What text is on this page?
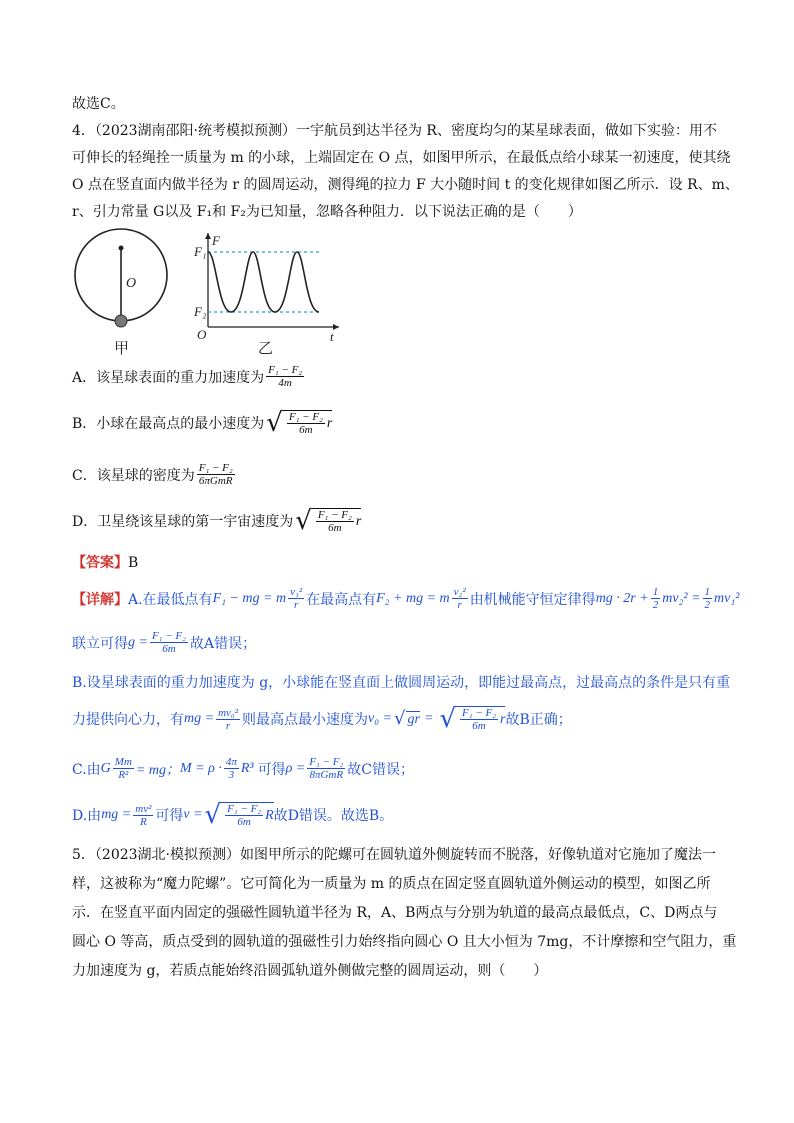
故选C。
4．（2023湖南邵阳·统考模拟预测）一宇航员到达半径为 R、密度均匀的某星球表面，做如下实验：用不
可伸长的轻绳拴一质量为 m 的小球，上端固定在 O 点，如图甲所示，在最低点给小球某一初速度，使其绕
O 点在竖直面内做半径为 r 的圆周运动，测得绳的拉力 F 大小随时间 t 的变化规律如图乙所示．设 R、m、
r、引力常量 G以及 F₁和 F₂为已知量，忽略各种阻力．以下说法正确的是（　　）
O
甲
F
F₁
F₂
O	t
乙
A．该星球表面的重力加速度为 $\frac{\text{F₁ − F₂}}{4m}$
B．小球在最高点的最小速度为 √ $\frac{\text{F₁ − F₂}}{6m}$ r
C．该星球的密度为 $\frac{\text{F₁ − F₂}}{\text{6πGmR}}$
D．卫星绕该星球的第一宇宙速度为 √ $\frac{\text{F₁ − F₂}}{6m}$ r
【答案】B
【详解】 A.在最低点有 F₁ − mg = m $\frac{\text{v₁²}}{r}$ 在最高点有 F₂ + mg = m $\frac{\text{v₂²}}{r}$ 由机械能守恒定律得 mg · $2r + \frac{1}{2} mv_2^2 = \frac{1}{2} mv_1^2$
联立可得 $g = \frac{\text{F₁ − F₂}}{6m}$ 故A错误；
B.设星球表面的重力加速度为 g，小球能在竖直面上做圆周运动，即能过最高点，过最高点的条件是只有重
力提供向心力，有 mg = $\frac{\text{mv₀²}}{r}$ 则最高点最小速度为 v₀ = √ gr = √ $\frac{\text{F₁ − F₂}}{6m}$ r 故B正确；
C.由 G $\frac{Mm}{\text{R²}}$ = mg； $M = \rho \cdot \frac{4\pi}{3} R^3$ 可得 $\rho = \frac{\text{F₁ − F₂}}{\text{8πGmR}}$ 故C错误；
D.由 mg = $\frac{\text{mv²}}{R}$ 可得 v = √ $\frac{\text{F₁ − F₂}}{6m}$ R 故D错误。故选B。
5．（2023湖北·模拟预测）如图甲所示的陀螺可在圆轨道外侧旋转而不脱落，好像轨道对它施加了魔法一
样，这被称为“魔力陀螺”。它可简化为一质量为 m 的质点在固定竖直圆轨道外侧运动的模型，如图乙所
示．在竖直平面内固定的强磁性圆轨道半径为 R，A、B两点与分别为轨道的最高点最低点，C、D两点与
圆心 O 等高，质点受到的圆轨道的强磁性引力始终指向圆心 O 且大小恒为 7mg，不计摩擦和空气阻力，重
力加速度为 g，若质点能始终沿圆弧轨道外侧做完整的圆周运动，则（　　）
